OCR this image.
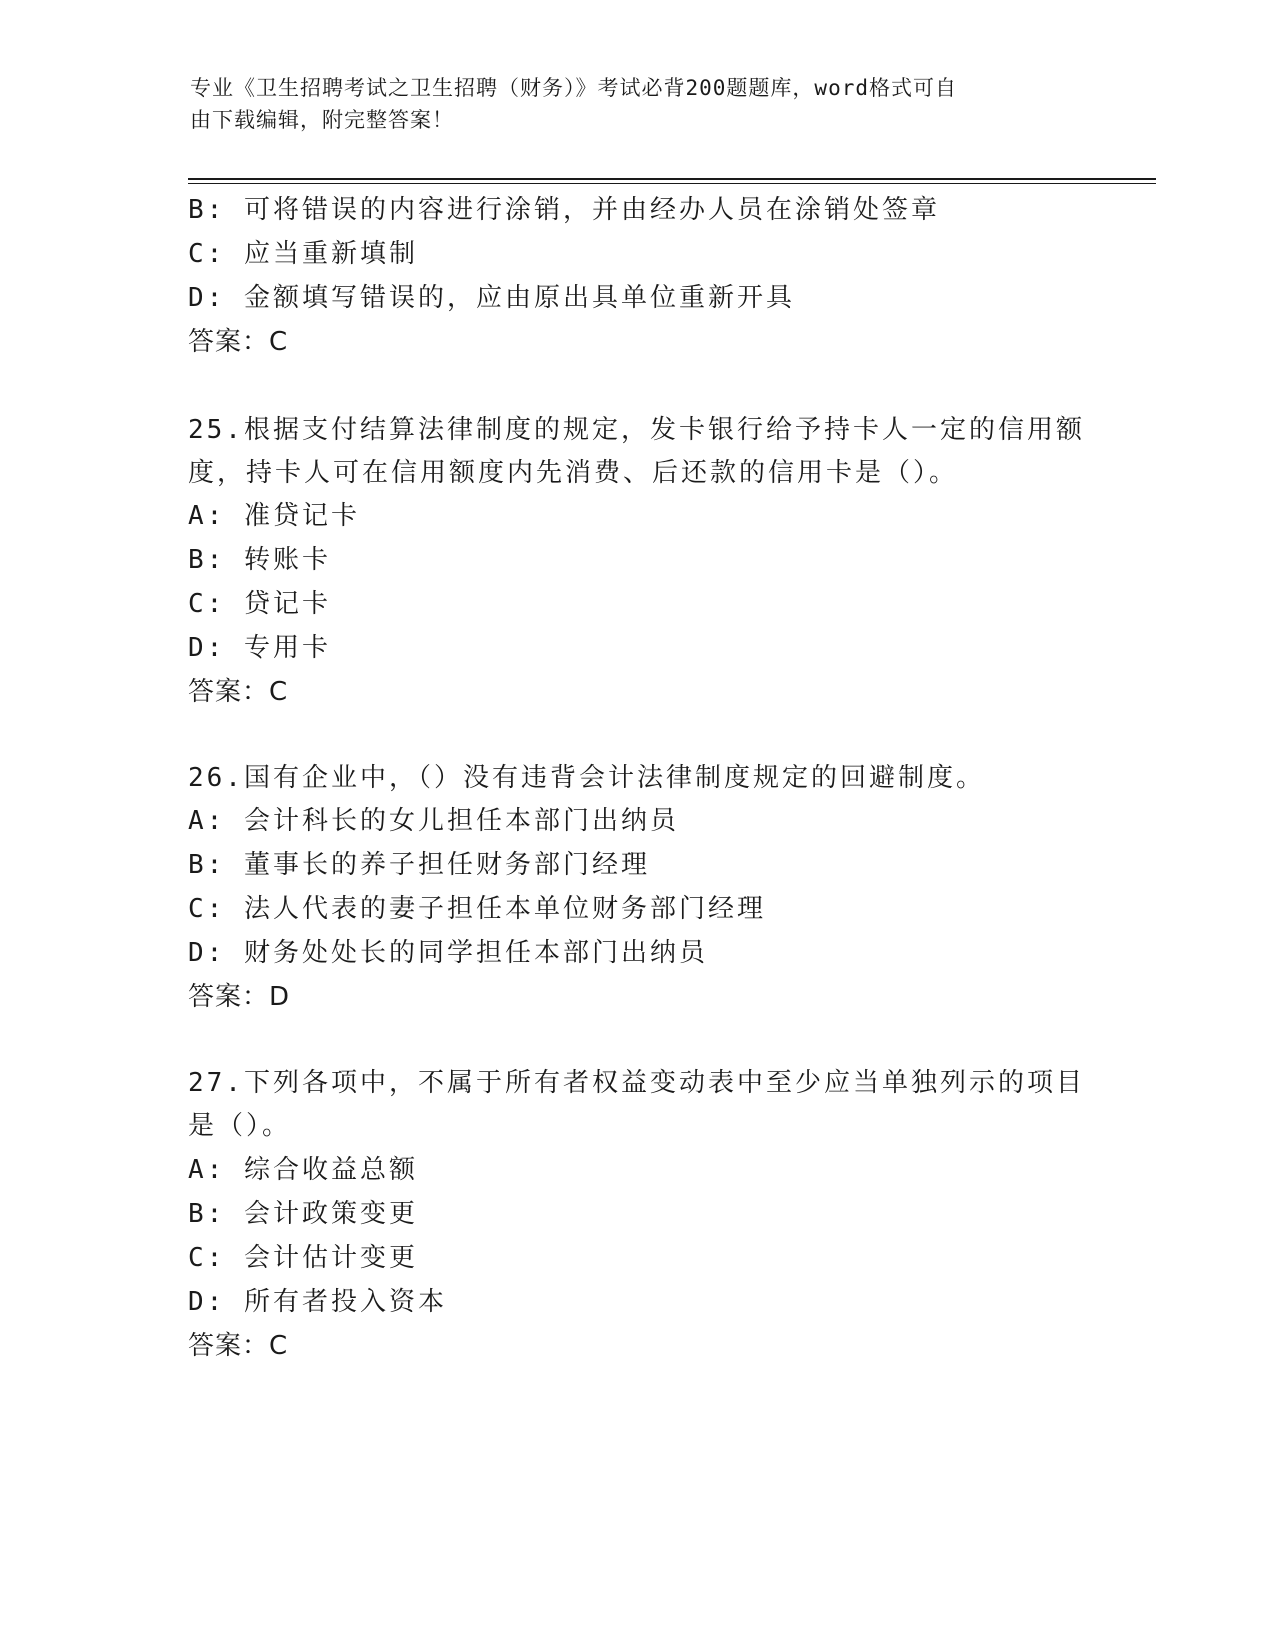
专业《卫生招聘考试之卫生招聘（财务）》考试必背200题题库，word格式可自
由下载编辑，附完整答案！
B: 可将错误的内容进行涂销，并由经办人员在涂销处签章
C: 应当重新填制
D: 金额填写错误的，应由原出具单位重新开具
答案：C
25.根据支付结算法律制度的规定，发卡银行给予持卡人一定的信用额
度，持卡人可在信用额度内先消费、后还款的信用卡是（）。
A: 准贷记卡
B: 转账卡
C: 贷记卡
D: 专用卡
答案：C
26.国有企业中，（）没有违背会计法律制度规定的回避制度。
A: 会计科长的女儿担任本部门出纳员
B: 董事长的养子担任财务部门经理
C: 法人代表的妻子担任本单位财务部门经理
D: 财务处处长的同学担任本部门出纳员
答案：D
27.下列各项中，不属于所有者权益变动表中至少应当单独列示的项目
是（）。
A: 综合收益总额
B: 会计政策变更
C: 会计估计变更
D: 所有者投入资本
答案：C
